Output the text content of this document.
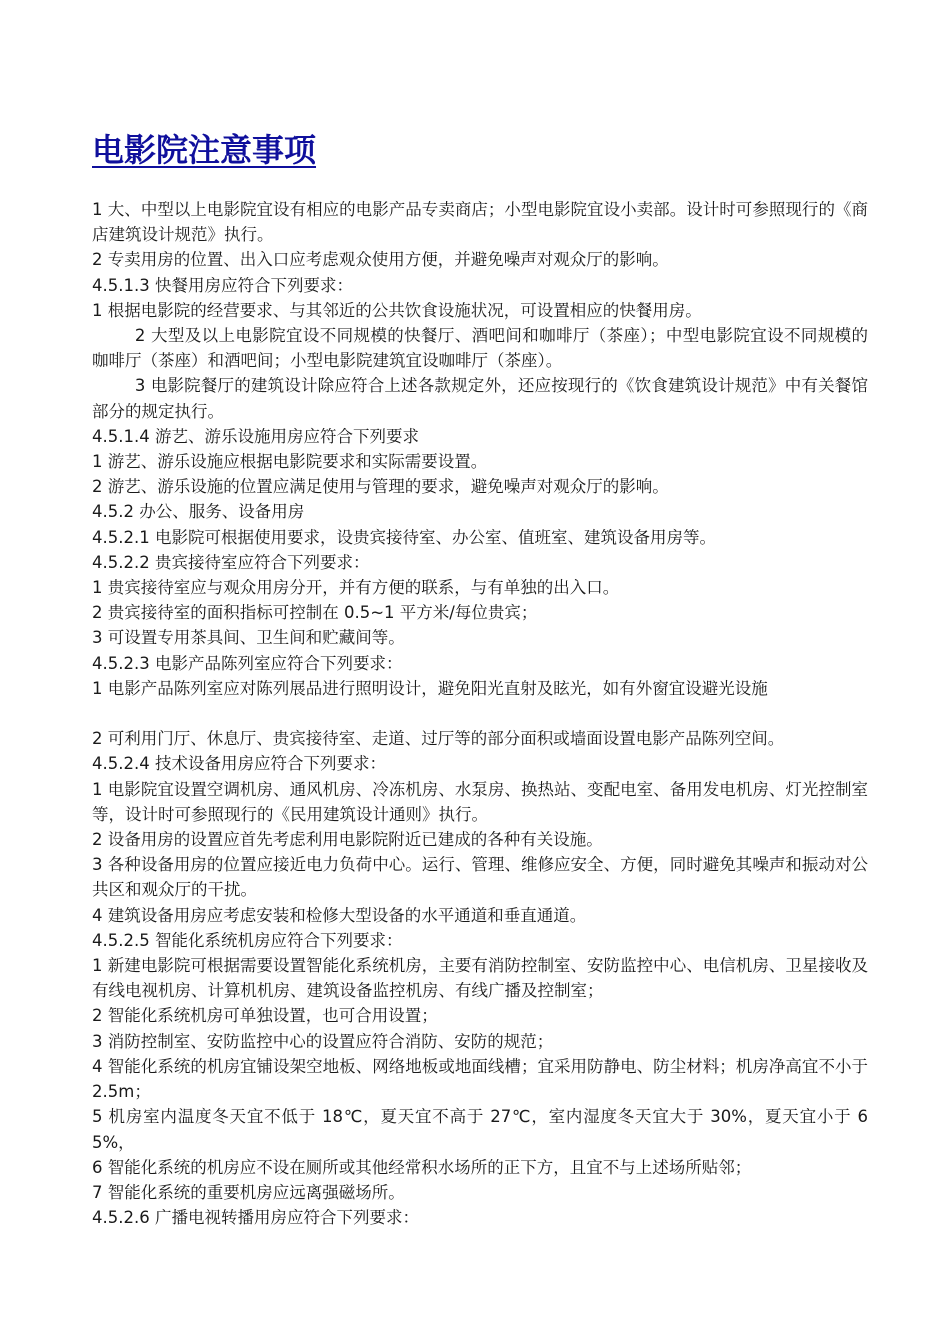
电影院注意事项

1 大、中型以上电影院宜设有相应的电影产品专卖商店；小型电影院宜设小卖部。设计时可参照现行的《商店建筑设计规范》执行。

2 专卖用房的位置、出入口应考虑观众使用方便，并避免噪声对观众厅的影响。

4.5.1.3 快餐用房应符合下列要求：

1 根据电影院的经营要求、与其邻近的公共饮食设施状况，可设置相应的快餐用房。

2 大型及以上电影院宜设不同规模的快餐厅、酒吧间和咖啡厅（茶座）；中型电影院宜设不同规模的咖啡厅（茶座）和酒吧间；小型电影院建筑宜设咖啡厅（茶座）。

3 电影院餐厅的建筑设计除应符合上述各款规定外，还应按现行的《饮食建筑设计规范》中有关餐馆部分的规定执行。

4.5.1.4 游艺、游乐设施用房应符合下列要求

1 游艺、游乐设施应根据电影院要求和实际需要设置。

2 游艺、游乐设施的位置应满足使用与管理的要求，避免噪声对观众厅的影响。

4.5.2 办公、服务、设备用房

4.5.2.1 电影院可根据使用要求，设贵宾接待室、办公室、值班室、建筑设备用房等。

4.5.2.2 贵宾接待室应符合下列要求：

1 贵宾接待室应与观众用房分开，并有方便的联系，与有单独的出入口。

2 贵宾接待室的面积指标可控制在 0.5~1 平方米/每位贵宾；

3 可设置专用茶具间、卫生间和贮藏间等。

4.5.2.3 电影产品陈列室应符合下列要求：

1 电影产品陈列室应对陈列展品进行照明设计，避免阳光直射及眩光，如有外窗宜设避光设施

2 可利用门厅、休息厅、贵宾接待室、走道、过厅等的部分面积或墙面设置电影产品陈列空间。

4.5.2.4 技术设备用房应符合下列要求：

1 电影院宜设置空调机房、通风机房、冷冻机房、水泵房、换热站、变配电室、备用发电机房、灯光控制室等，设计时可参照现行的《民用建筑设计通则》执行。

2 设备用房的设置应首先考虑利用电影院附近已建成的各种有关设施。

3 各种设备用房的位置应接近电力负荷中心。运行、管理、维修应安全、方便，同时避免其噪声和振动对公共区和观众厅的干扰。

4 建筑设备用房应考虑安装和检修大型设备的水平通道和垂直通道。

4.5.2.5 智能化系统机房应符合下列要求：

1 新建电影院可根据需要设置智能化系统机房，主要有消防控制室、安防监控中心、电信机房、卫星接收及有线电视机房、计算机机房、建筑设备监控机房、有线广播及控制室；

2 智能化系统机房可单独设置，也可合用设置；

3 消防控制室、安防监控中心的设置应符合消防、安防的规范；

4 智能化系统的机房宜铺设架空地板、网络地板或地面线槽；宜采用防静电、防尘材料；机房净高宜不小于 2.5m；

5 机房室内温度冬天宜不低于 18℃，夏天宜不高于 27℃，室内湿度冬天宜大于 30%，夏天宜小于 65%，

6 智能化系统的机房应不设在厕所或其他经常积水场所的正下方，且宜不与上述场所贴邻；

7 智能化系统的重要机房应远离强磁场所。

4.5.2.6 广播电视转播用房应符合下列要求：
